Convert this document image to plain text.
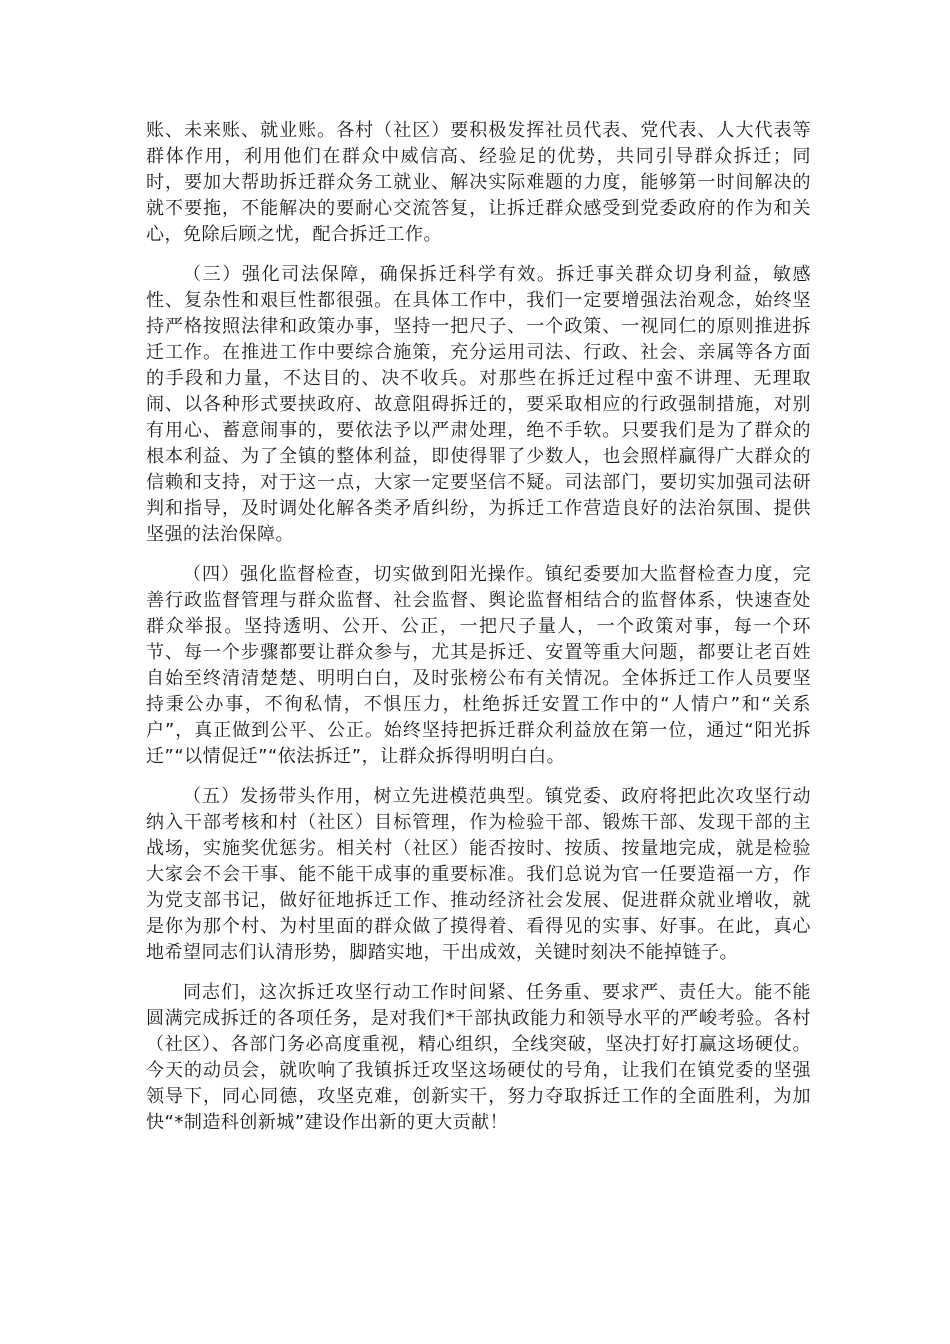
账、未来账、就业账。各村（社区）要积极发挥社员代表、党代表、人大代表等群体作用，利用他们在群众中威信高、经验足的优势，共同引导群众拆迁；同时，要加大帮助拆迁群众务工就业、解决实际难题的力度，能够第一时间解决的就不要拖，不能解决的要耐心交流答复，让拆迁群众感受到党委政府的作为和关心，免除后顾之忧，配合拆迁工作。

（三）强化司法保障，确保拆迁科学有效。拆迁事关群众切身利益，敏感性、复杂性和艰巨性都很强。在具体工作中，我们一定要增强法治观念，始终坚持严格按照法律和政策办事，坚持一把尺子、一个政策、一视同仁的原则推进拆迁工作。在推进工作中要综合施策，充分运用司法、行政、社会、亲属等各方面的手段和力量，不达目的、决不收兵。对那些在拆迁过程中蛮不讲理、无理取闹、以各种形式要挟政府、故意阻碍拆迁的，要采取相应的行政强制措施，对别有用心、蓄意闹事的，要依法予以严肃处理，绝不手软。只要我们是为了群众的根本利益、为了全镇的整体利益，即使得罪了少数人，也会照样赢得广大群众的信赖和支持，对于这一点，大家一定要坚信不疑。司法部门，要切实加强司法研判和指导，及时调处化解各类矛盾纠纷，为拆迁工作营造良好的法治氛围、提供坚强的法治保障。

（四）强化监督检查，切实做到阳光操作。镇纪委要加大监督检查力度，完善行政监督管理与群众监督、社会监督、舆论监督相结合的监督体系，快速查处群众举报。坚持透明、公开、公正，一把尺子量人，一个政策对事，每一个环节、每一个步骤都要让群众参与，尤其是拆迁、安置等重大问题，都要让老百姓自始至终清清楚楚、明明白白，及时张榜公布有关情况。全体拆迁工作人员要坚持秉公办事，不徇私情，不惧压力，杜绝拆迁安置工作中的“人情户”和“关系户”，真正做到公平、公正。始终坚持把拆迁群众利益放在第一位，通过“阳光拆迁”“以情促迁”“依法拆迁”，让群众拆得明明白白。

（五）发扬带头作用，树立先进模范典型。镇党委、政府将把此次攻坚行动纳入干部考核和村（社区）目标管理，作为检验干部、锻炼干部、发现干部的主战场，实施奖优惩劣。相关村（社区）能否按时、按质、按量地完成，就是检验大家会不会干事、能不能干成事的重要标准。我们总说为官一任要造福一方，作为党支部书记，做好征地拆迁工作、推动经济社会发展、促进群众就业增收，就是你为那个村、为村里面的群众做了摸得着、看得见的实事、好事。在此，真心地希望同志们认清形势，脚踏实地，干出成效，关键时刻决不能掉链子。

同志们，这次拆迁攻坚行动工作时间紧、任务重、要求严、责任大。能不能圆满完成拆迁的各项任务，是对我们*干部执政能力和领导水平的严峻考验。各村（社区）、各部门务必高度重视，精心组织，全线突破，坚决打好打赢这场硬仗。今天的动员会，就吹响了我镇拆迁攻坚这场硬仗的号角，让我们在镇党委的坚强领导下，同心同德，攻坚克难，创新实干，努力夺取拆迁工作的全面胜利，为加快“*制造科创新城”建设作出新的更大贡献！
